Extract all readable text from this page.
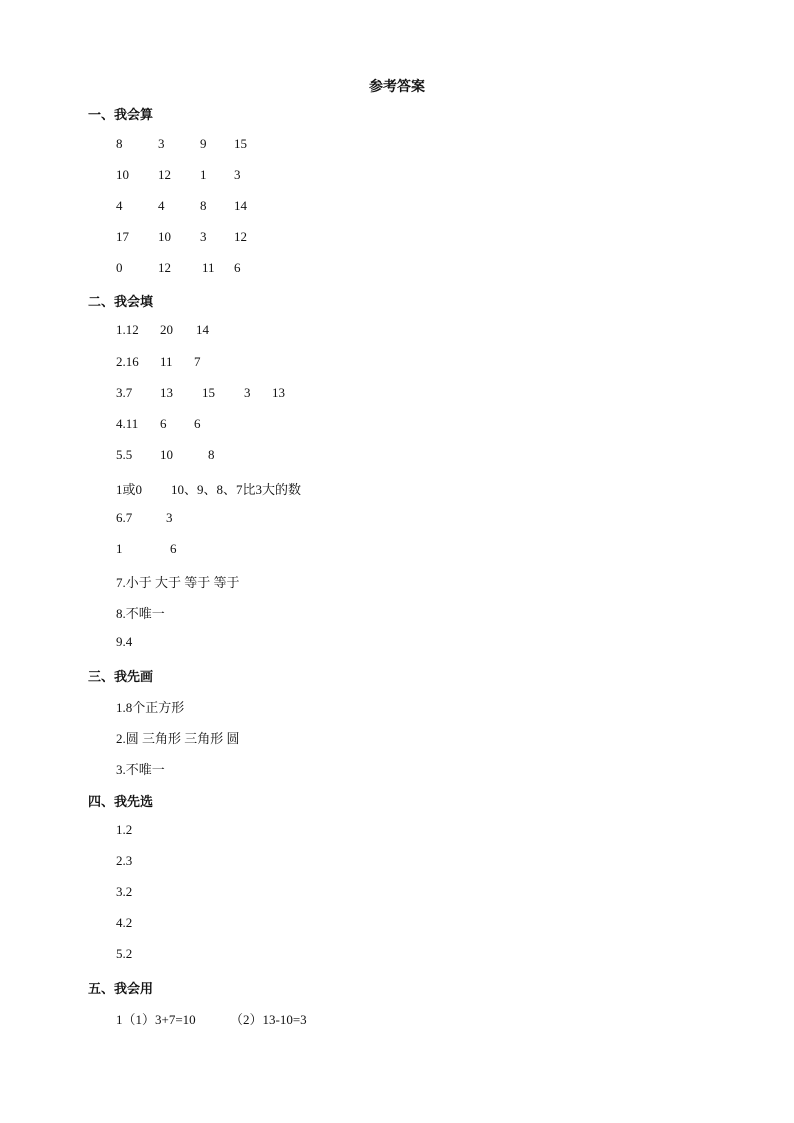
参考答案
一、我会算
8	3	9 15
10 12 1 3
4	4	8 14
17 10 3 12
0	12 11 6
二、我会填
1.12 20 14
2.16 11 7
3.7 13 15 3 13
4.11 6 6
5.5 10	8
1或0 10、9、8、7比3大的数
6.7	3
1	6
7.小于 大于 等于 等于
8.不唯一
9.4
三、我先画
1.8个正方形
2.圆 三角形 三角形 圆
3.不唯一
四、我先选
1.2
2.3
3.2
4.2
5.2
五、我会用
1（1）3+7=10	（2）13-10=3
